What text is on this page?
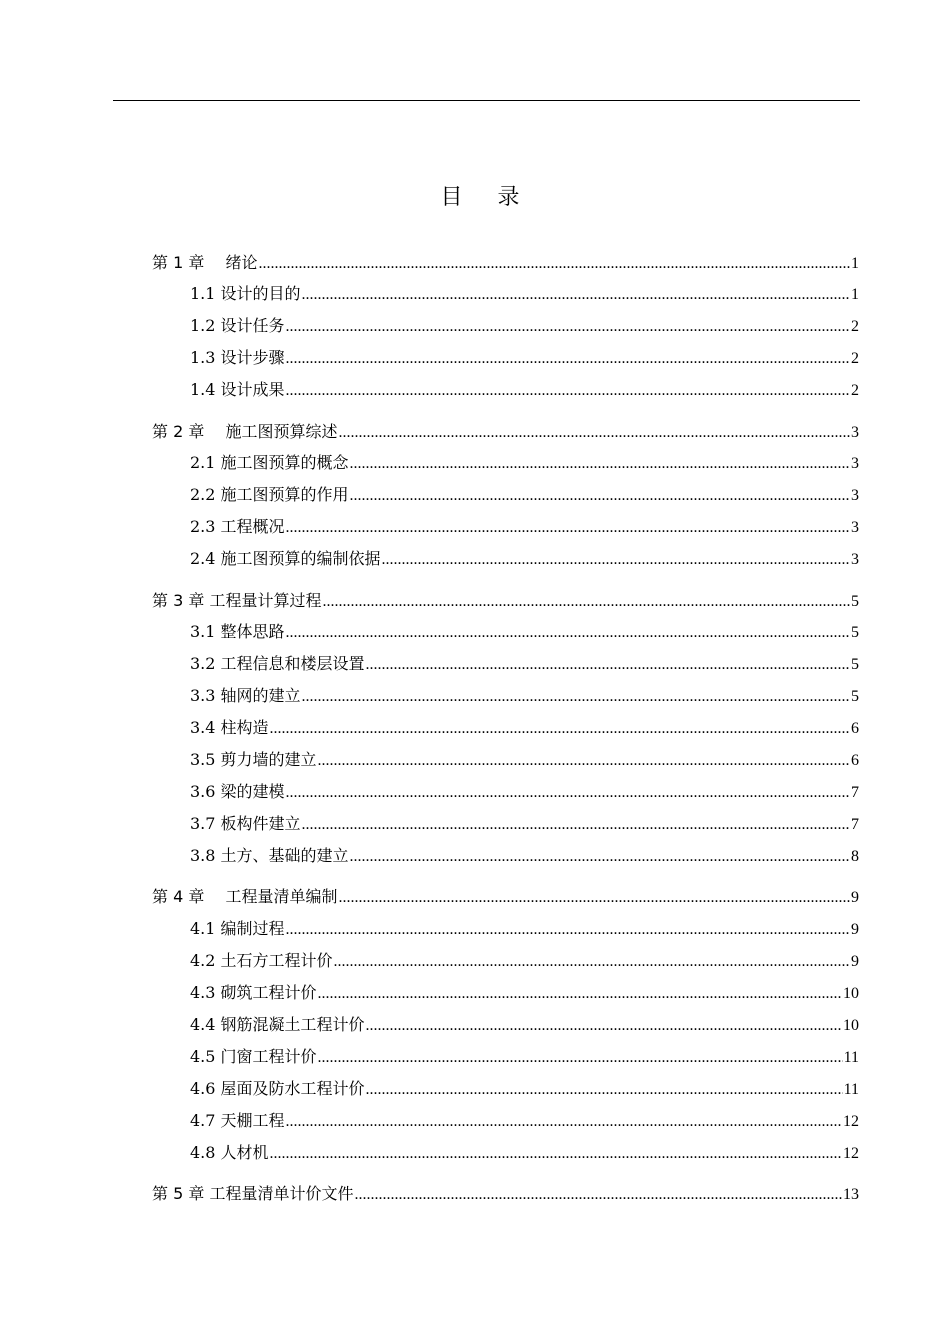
目 录
第 1 章　 绪论 .....	1
1.1 设计的目的 .....	1
1.2 设计任务 .....	2
1.3 设计步骤 .....	2
1.4 设计成果 .....	2
第 2 章　 施工图预算综述 .....	3
2.1 施工图预算的概念 .....	3
2.2 施工图预算的作用 .....	3
2.3 工程概况 .....	3
2.4 施工图预算的编制依据 .....	3
第 3 章 工程量计算过程 .....	5
3.1 整体思路 .....	5
3.2 工程信息和楼层设置 .....	5
3.3 轴网的建立 .....	5
3.4 柱构造 .....	6
3.5 剪力墙的建立 .....	6
3.6 梁的建模 .....	7
3.7 板构件建立 .....	7
3.8 土方、基础的建立 .....	8
第 4 章　 工程量清单编制 .....	9
4.1 编制过程 .....	9
4.2 土石方工程计价 .....	9
4.3 砌筑工程计价 .....	10
4.4 钢筋混凝土工程计价 .....	10
4.5 门窗工程计价 .....	11
4.6 屋面及防水工程计价 .....	11
4.7 天棚工程 .....	12
4.8 人材机 .....	12
第 5 章 工程量清单计价文件 .....	13
